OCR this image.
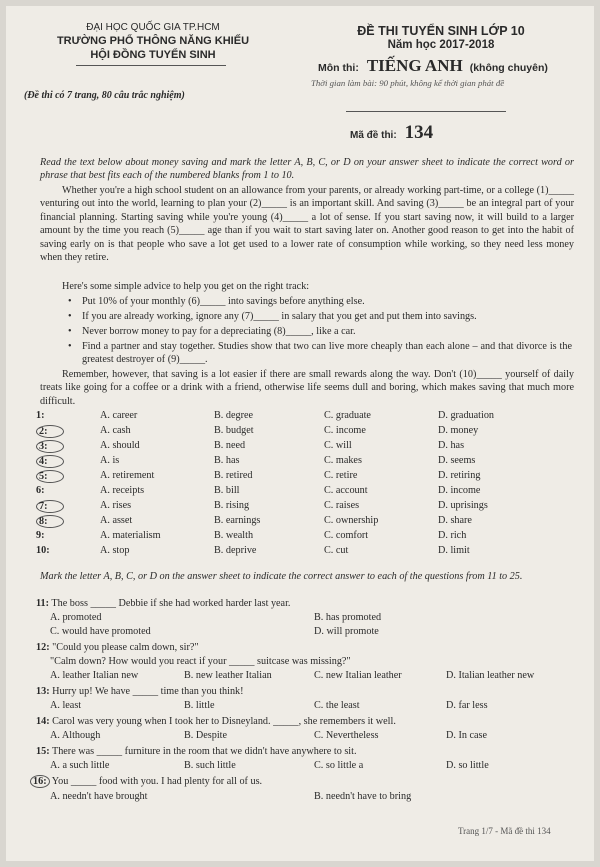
ĐẠI HỌC QUỐC GIA TP.HCM
TRƯỜNG PHỔ THÔNG NĂNG KHIẾU
HỘI ĐỒNG TUYỂN SINH
(Đề thi có 7 trang, 80 câu trắc nghiệm)
ĐỀ THI TUYỂN SINH LỚP 10
Năm học 2017-2018
Môn thi: TIẾNG ANH (không chuyên)
Thời gian làm bài: 90 phút, không kể thời gian phát đề
Mã đề thi: 134
Read the text below about money saving and mark the letter A, B, C, or D on your answer sheet to indicate the correct word or phrase that best fits each of the numbered blanks from 1 to 10.
Whether you're a high school student on an allowance from your parents, or already working part-time, or a college (1)_____ venturing out into the world, learning to plan your (2)_____ is an important skill. And saving (3)_____ be an integral part of your financial planning. Starting saving while you're young (4)_____ a lot of sense. If you start saving now, it will build to a larger amount by the time you reach (5)_____ age than if you wait to start saving later on. Another good reason to get into the habit of saving early on is that people who save a lot get used to a lower rate of consumption while working, so they need less money when they retire.
Here's some simple advice to help you get on the right track:
• Put 10% of your monthly (6)_____ into savings before anything else.
• If you are already working, ignore any (7)_____ in salary that you get and put them into savings.
• Never borrow money to pay for a depreciating (8)_____, like a car.
• Find a partner and stay together. Studies show that two can live more cheaply than each alone – and that divorce is the greatest destroyer of (9)_____.
Remember, however, that saving is a lot easier if there are small rewards along the way. Don't (10)_____ yourself of daily treats like going for a coffee or a drink with a friend, otherwise life seems dull and boring, which makes saving that much more difficult.
1:	A. career	B. degree	C. graduate	D. graduation
2:	A. cash	B. budget	C. income	D. money
3:	A. should	B. need	C. will	D. has
4:	A. is	B. has	C. makes	D. seems
5:	A. retirement	B. retired	C. retire	D. retiring
6:	A. receipts	B. bill	C. account	D. income
7:	A. rises	B. rising	C. raises	D. uprisings
8:	A. asset	B. earnings	C. ownership	D. share
9:	A. materialism	B. wealth	C. comfort	D. rich
10:	A. stop	B. deprive	C. cut	D. limit
Mark the letter A, B, C, or D on the answer sheet to indicate the correct answer to each of the questions from 11 to 25.
11: The boss _____ Debbie if she had worked harder last year.
A. promoted	B. has promoted
C. would have promoted	D. will promote
12: "Could you please calm down, sir?"
"Calm down? How would you react if your _____ suitcase was missing?"
A. leather Italian new	B. new leather Italian	C. new Italian leather	D. Italian leather new
13: Hurry up! We have _____ time than you think!
A. least	B. little	C. the least	D. far less
14: Carol was very young when I took her to Disneyland. _____, she remembers it well.
A. Although	B. Despite	C. Nevertheless	D. In case
15: There was _____ furniture in the room that we didn't have anywhere to sit.
A. a such little	B. such little	C. so little a	D. so little
16: You _____ food with you. I had plenty for all of us.
A. needn't have brought	B. needn't have to bring
Trang 1/7 - Mã đề thi 134
